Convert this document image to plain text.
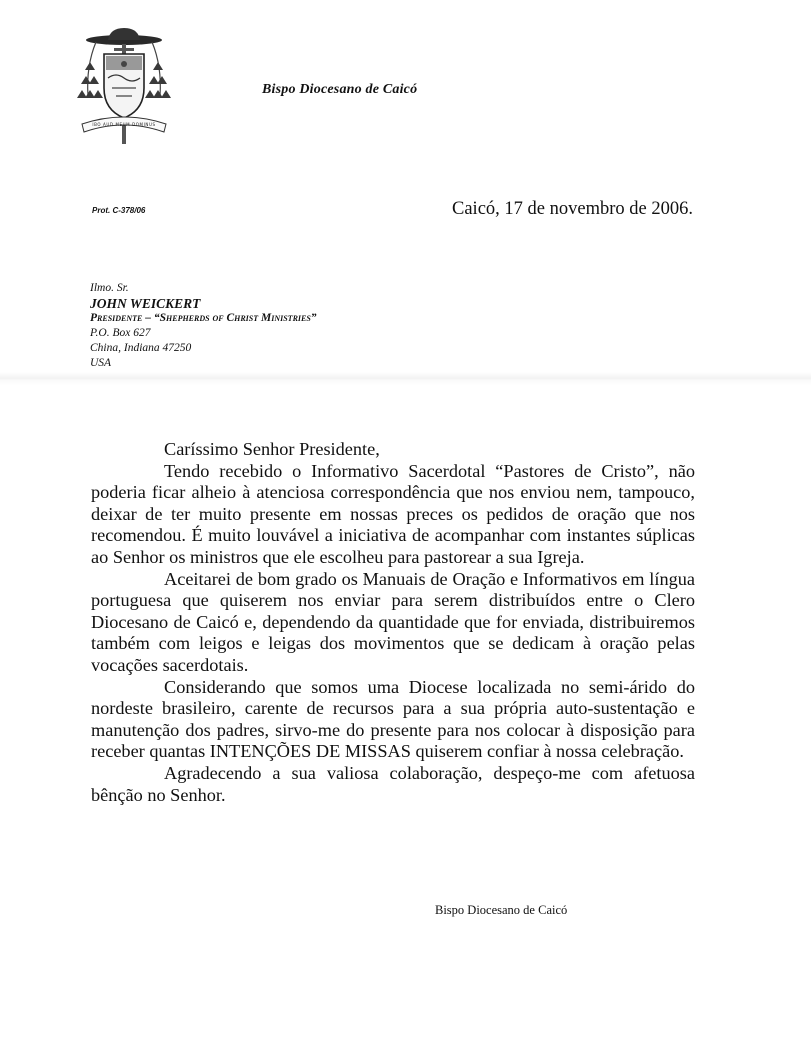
IBO AUD MEUM DOMINUS
Bispo Diocesano de Caicó
Prot. C-378/06	Caicó, 17 de novembro de 2006.
Ilmo. Sr.
JOHN WEICKERT
Presidente – “Shepherds of Christ Ministries”
P.O. Box 627
China, Indiana 47250
USA

Caríssimo Senhor Presidente,

Tendo recebido o Informativo Sacerdotal “Pastores de Cristo”, não poderia ficar alheio à atenciosa correspondência que nos enviou nem, tampouco, deixar de ter muito presente em nossas preces os pedidos de oração que nos recomendou. É muito louvável a iniciativa de acompanhar com instantes súplicas ao Senhor os ministros que ele escolheu para pastorear a sua Igreja.

Aceitarei de bom grado os Manuais de Oração e Informativos em língua portuguesa que quiserem nos enviar para serem distribuídos entre o Clero Diocesano de Caicó e, dependendo da quantidade que for enviada, distribuiremos também com leigos e leigas dos movimentos que se dedicam à oração pelas vocações sacerdotais.

Considerando que somos uma Diocese localizada no semi-árido do nordeste brasileiro, carente de recursos para a sua própria auto-sustentação e manutenção dos padres, sirvo-me do presente para nos colocar à disposição para receber quantas INTENÇÕES DE MISSAS quiserem confiar à nossa celebração.

Agradecendo a sua valiosa colaboração, despeço-me com afetuosa bênção no Senhor.

Bispo Diocesano de Caicó
